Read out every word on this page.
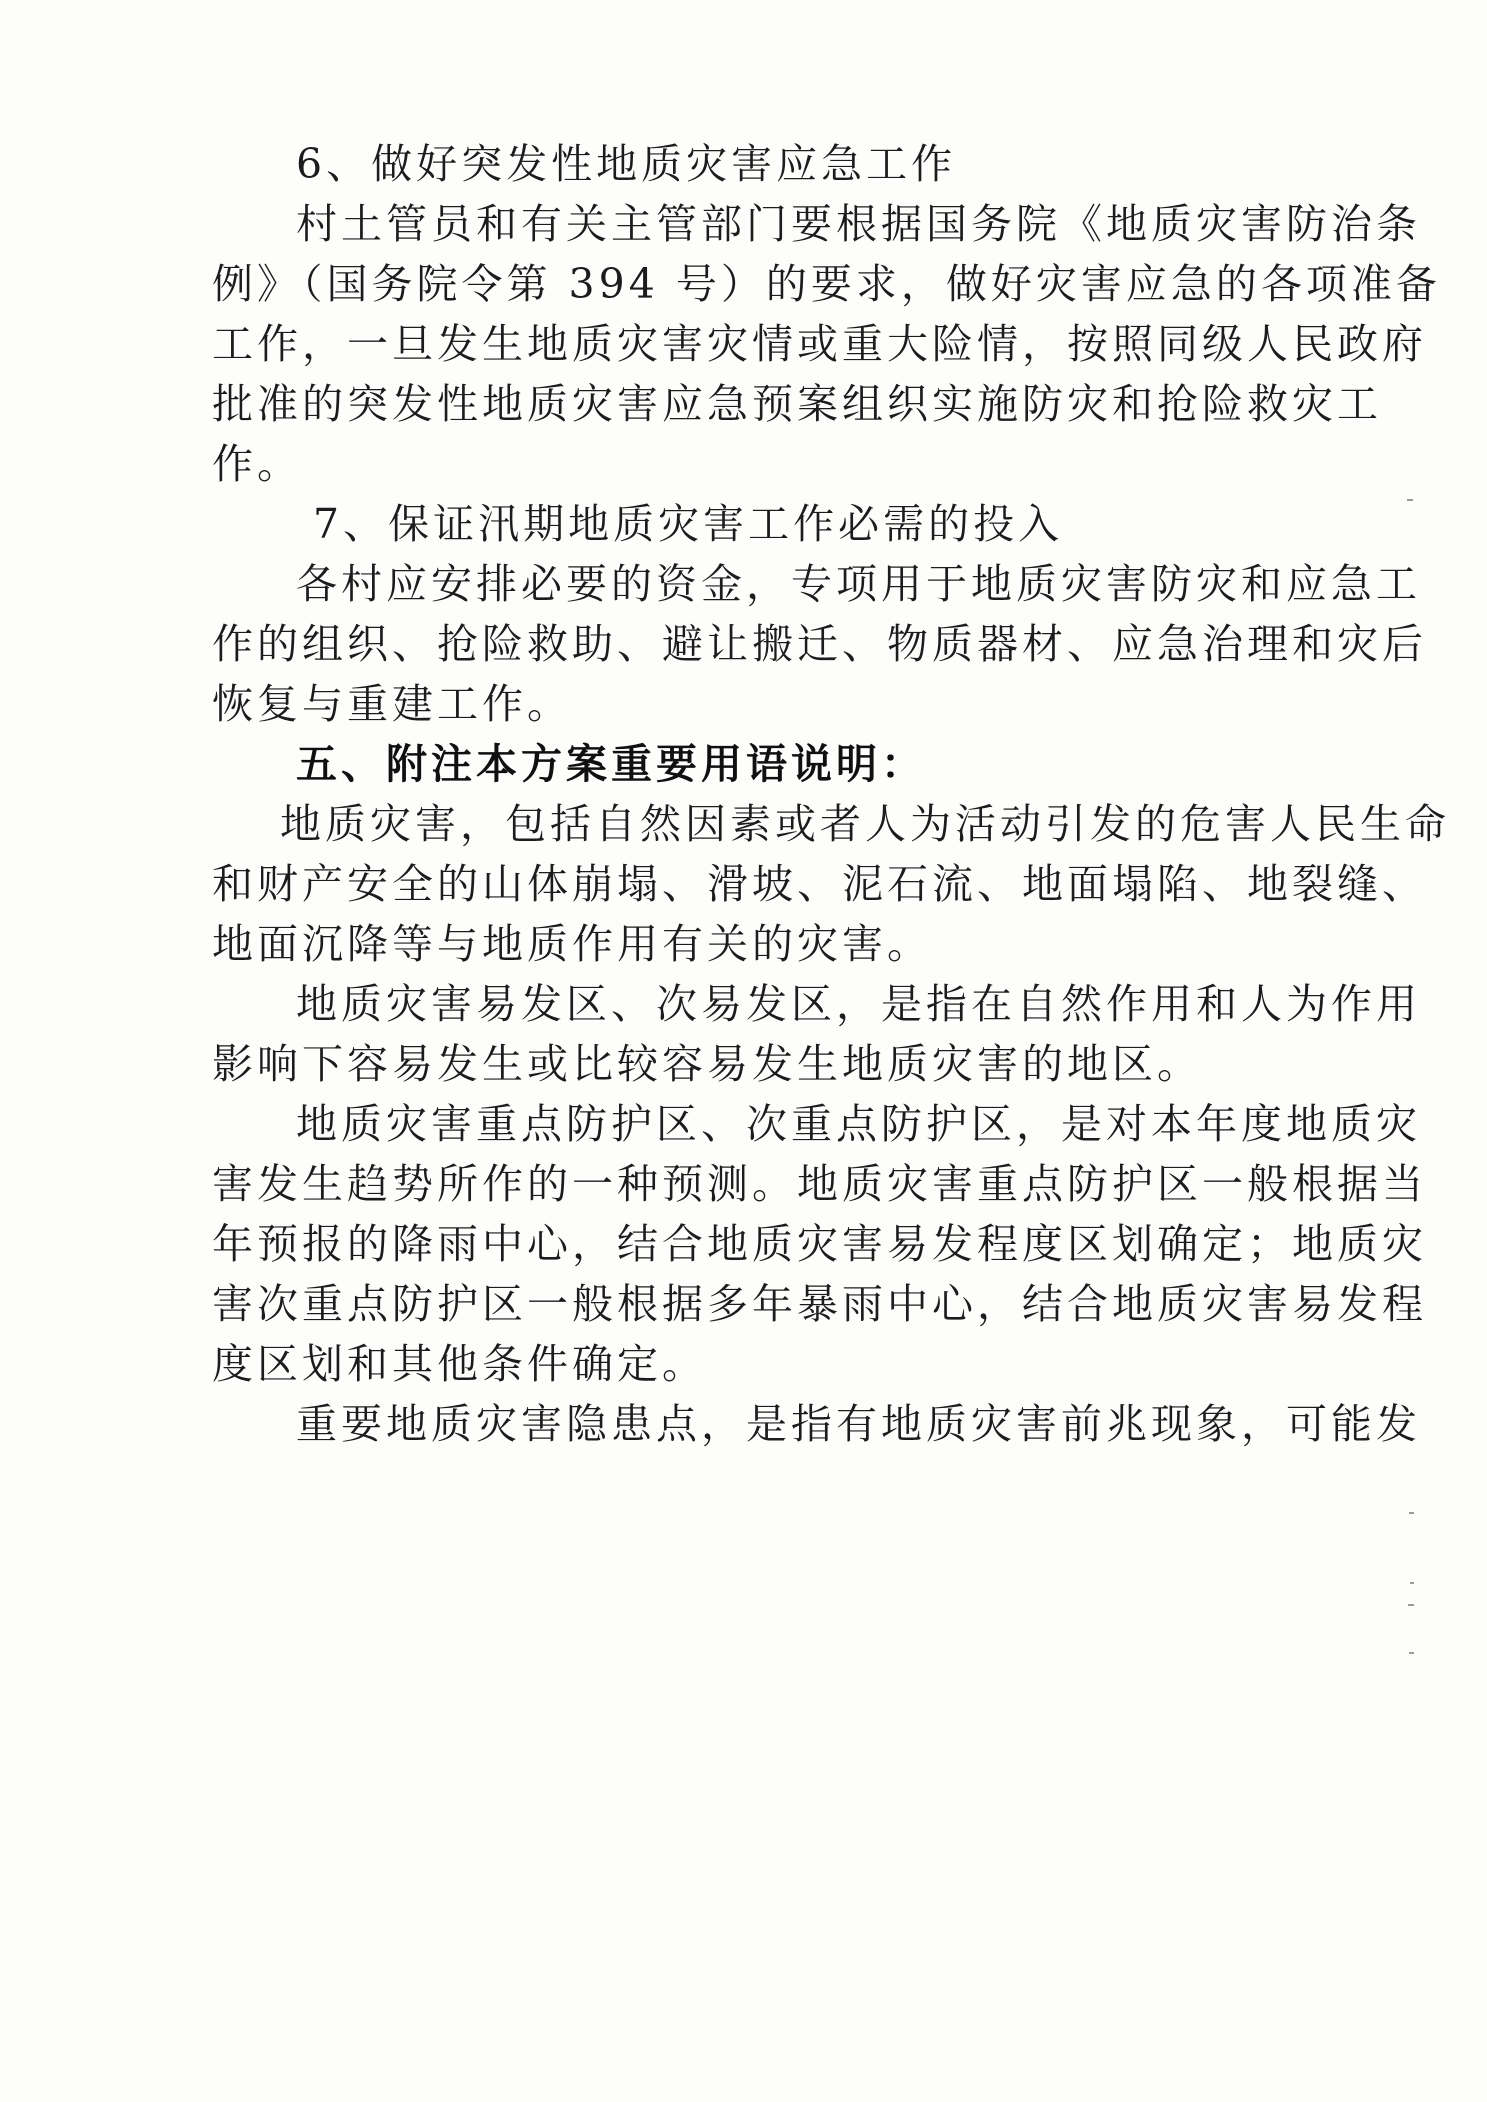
6、做好突发性地质灾害应急工作

村土管员和有关主管部门要根据国务院《地质灾害防治条

例》（国务院令第 394 号）的要求，做好灾害应急的各项准备

工作，一旦发生地质灾害灾情或重大险情，按照同级人民政府

批准的突发性地质灾害应急预案组织实施防灾和抢险救灾工

作。

7、保证汛期地质灾害工作必需的投入

各村应安排必要的资金，专项用于地质灾害防灾和应急工

作的组织、抢险救助、避让搬迁、物质器材、应急治理和灾后

恢复与重建工作。

五、附注本方案重要用语说明：

地质灾害，包括自然因素或者人为活动引发的危害人民生命

和财产安全的山体崩塌、滑坡、泥石流、地面塌陷、地裂缝、

地面沉降等与地质作用有关的灾害。

地质灾害易发区、次易发区，是指在自然作用和人为作用

影响下容易发生或比较容易发生地质灾害的地区。

地质灾害重点防护区、次重点防护区，是对本年度地质灾

害发生趋势所作的一种预测。地质灾害重点防护区一般根据当

年预报的降雨中心，结合地质灾害易发程度区划确定；地质灾

害次重点防护区一般根据多年暴雨中心，结合地质灾害易发程

度区划和其他条件确定。

重要地质灾害隐患点，是指有地质灾害前兆现象，可能发
